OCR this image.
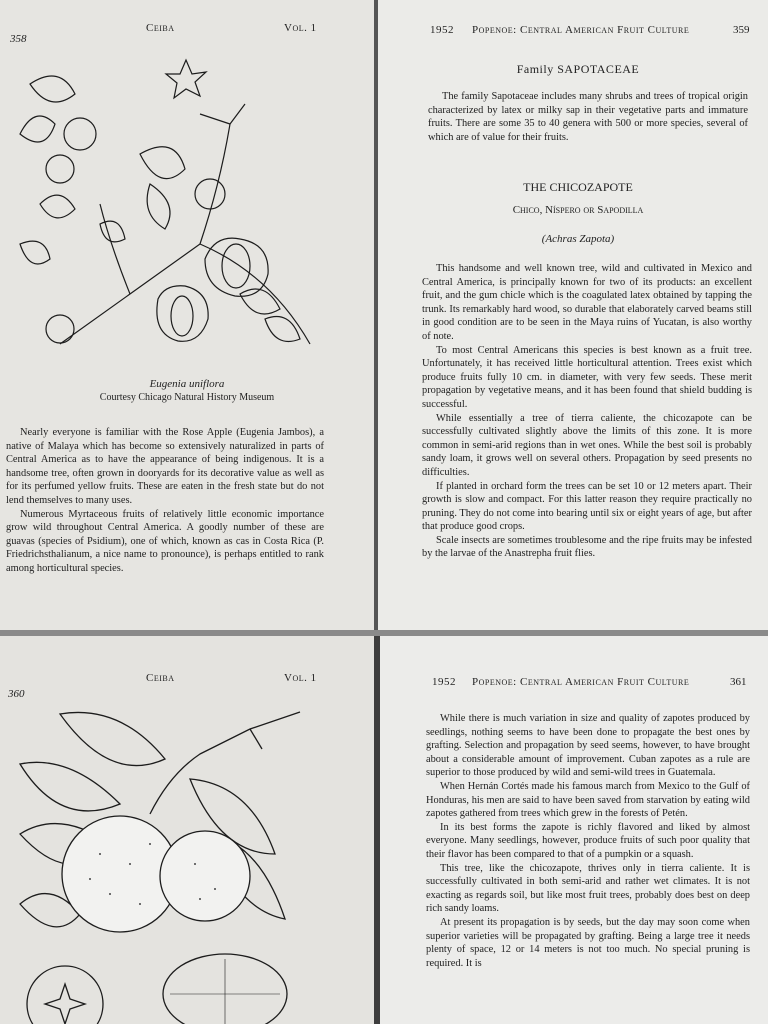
358
Ceiba	Vol. 1
Eugenia uniflora
Courtesy Chicago Natural History Museum

Nearly everyone is familiar with the Rose Apple (Eugenia Jambos), a native of Malaya which has become so extensively naturalized in parts of Central America as to have the appearance of being indigenous. It is a handsome tree, often grown in dooryards for its decorative value as well as for its perfumed yellow fruits. These are eaten in the fresh state but do not lend themselves to many uses.

Numerous Myrtaceous fruits of relatively little economic importance grow wild throughout Central America. A goodly number of these are guavas (species of Psidium), one of which, known as cas in Costa Rica (P. Friedrichsthalianum, a nice name to pronounce), is perhaps entitled to rank among horticultural species.

1952 Popenoe: Central American Fruit Culture	359
Family SAPOTACEAE

The family Sapotaceae includes many shrubs and trees of tropical origin characterized by latex or milky sap in their vegetative parts and immature fruits. There are some 35 to 40 genera with 500 or more species, several of which are of value for their fruits.

THE CHICOZAPOTE
Chico, Níspero or Sapodilla
(Achras Zapota)

This handsome and well known tree, wild and cultivated in Mexico and Central America, is principally known for two of its products: an excellent fruit, and the gum chicle which is the coagulated latex obtained by tapping the trunk. Its remarkably hard wood, so durable that elaborately carved beams still in good condition are to be seen in the Maya ruins of Yucatan, is also worthy of note.

To most Central Americans this species is best known as a fruit tree. Unfortunately, it has received little horticultural attention. Trees exist which produce fruits fully 10 cm. in diameter, with very few seeds. These merit propagation by vegetative means, and it has been found that shield budding is successful.

While essentially a tree of tierra caliente, the chicozapote can be successfully cultivated slightly above the limits of this zone. It is more common in semi-arid regions than in wet ones. While the best soil is probably sandy loam, it grows well on several others. Propagation by seed presents no difficulties.

If planted in orchard form the trees can be set 10 or 12 meters apart. Their growth is slow and compact. For this latter reason they require practically no pruning. They do not come into bearing until six or eight years of age, but after that produce good crops.

Scale insects are sometimes troublesome and the ripe fruits may be infested by the larvae of the Anastrepha fruit flies.

360
Ceiba	Vol. 1	1952 Popenoe: Central American Fruit Culture	361

While there is much variation in size and quality of zapotes produced by seedlings, nothing seems to have been done to propagate the best ones by grafting. Selection and propagation by seed seems, however, to have brought about a considerable amount of improvement. Cuban zapotes as a rule are superior to those produced by wild and semi-wild trees in Guatemala.

When Hernán Cortés made his famous march from Mexico to the Gulf of Honduras, his men are said to have been saved from starvation by eating wild zapotes gathered from trees which grew in the forests of Petén.

In its best forms the zapote is richly flavored and liked by almost everyone. Many seedlings, however, produce fruits of such poor quality that their flavor has been compared to that of a pumpkin or a squash.

This tree, like the chicozapote, thrives only in tierra caliente. It is successfully cultivated in both semi-arid and rather wet climates. It is not exacting as regards soil, but like most fruit trees, probably does best on deep rich sandy loams.

At present its propagation is by seeds, but the day may soon come when superior varieties will be propagated by grafting. Being a large tree it needs plenty of space, 12 or 14 meters is not too much. No special pruning is required. It is
